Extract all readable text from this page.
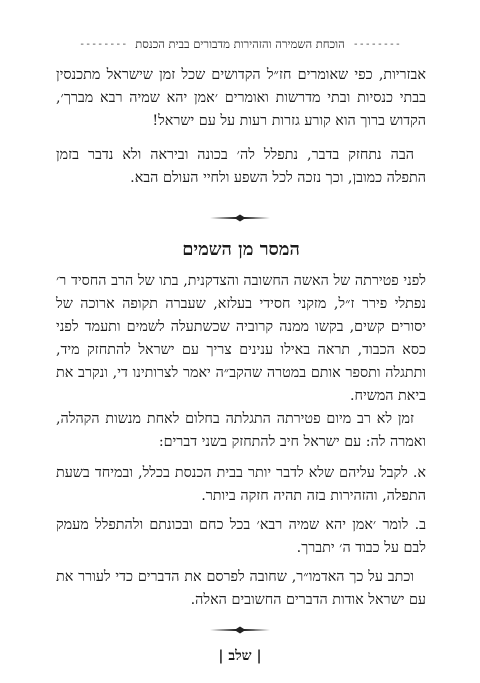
--------
הוכחת השמירה והזהירות מדבורים בבית הכנסת
--------

אבזריות, כפי שאומרים חז״ל הקדושים שכל זמן שישראל מתכנסין בבתי כנסיות ובתי מדרשות ואומרים ׳אמן יהא שמיה רבא מברך׳, הקדוש ברוך הוא קורע גזרות רעות על עם ישראל!

הבה נתחזק בדבר, נתפלל לה׳ בכונה וביראה ולא נדבר בזמן התפלה כמובן, וכך נזכה לכל השפע ולחיי העולם הבא.

המסר מן השמים

לפני פטירתה של האשה החשובה והצדקנית, בתו של הרב החסיד ר׳ נפתלי פירר ז״ל, מזקני חסידי בעלזא, שעברה תקופה ארוכה של יסורים קשים, בקשו ממנה קרוביה שכשתעלה לשמים ותעמד לפני כסא הכבוד, תראה באילו ענינים צריך עם ישראל להתחזק מיד, ותתגלה ותספר אותם במטרה שהקב״ה יאמר לצרותינו די, ונקרב את ביאת המשיח.

זמן לא רב מיום פטירתה התגלתה בחלום לאחת מנשות הקהלה, ואמרה לה: עם ישראל חיב להתחזק בשני דברים:

א. לקבל עליהם שלא לדבר יותר בבית הכנסת בכלל, ובמיחד בשעת התפלה, והזהירות בזה תהיה חזקה ביותר.

ב. לומר ׳אמן יהא שמיה רבא׳ בכל כחם ובכונתם ולהתפלל מעמק לבם על כבוד ה׳ יתברך.

וכתב על כך האדמו״ר, שחובה לפרסם את הדברים כדי לעורר את עם ישראל אודות הדברים החשובים האלה.

| שלב |
